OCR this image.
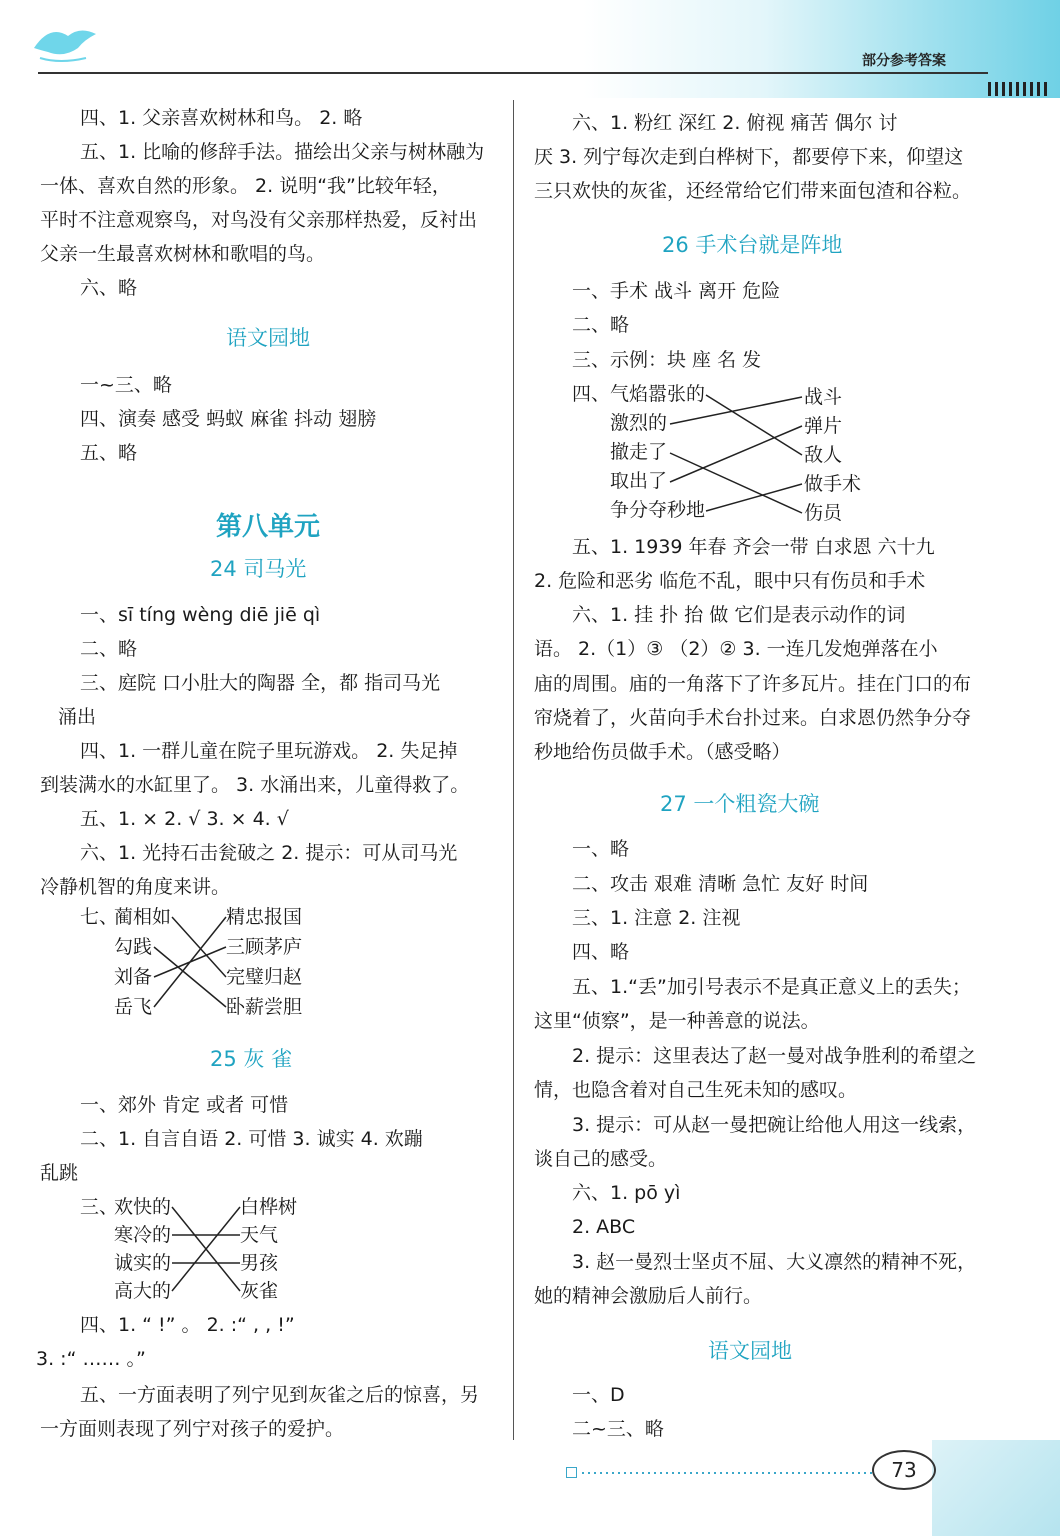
部分参考答案
四、1. 父亲喜欢树林和鸟。 2. 略
五、1. 比喻的修辞手法。描绘出父亲与树林融为
一体、喜欢自然的形象。 2. 说明“我”比较年轻，
平时不注意观察鸟，对鸟没有父亲那样热爱，反衬出
父亲一生最喜欢树林和歌唱的鸟。
六、略
语文园地
一~三、略
四、演奏 感受 蚂蚁 麻雀 抖动 翅膀
五、略
第八单元
24 司马光
一、sī tíng wèng diē jiē qì
二、略
三、庭院 口小肚大的陶器 全，都 指司马光
涌出
四、1. 一群儿童在院子里玩游戏。 2. 失足掉
到装满水的水缸里了。 3. 水涌出来，儿童得救了。
五、1. × 2. √ 3. × 4. √
六、1. 光持石击瓮破之 2. 提示：可从司马光
冷静机智的角度来讲。
七、
蔺相如
勾践
刘备
岳飞
精忠报国
三顾茅庐
完璧归赵
卧薪尝胆
25 灰 雀
一、郊外 肯定 或者 可惜
二、1. 自言自语 2. 可惜 3. 诚实 4. 欢蹦
乱跳
三、
欢快的
寒冷的
诚实的
高大的
白桦树
天气
男孩
灰雀
四、1. “ !” 。 2. :“ , , !”
3. :“ …… 。”
五、一方面表明了列宁见到灰雀之后的惊喜，另
一方面则表现了列宁对孩子的爱护。
六、1. 粉红 深红 2. 俯视 痛苦 偶尔 讨
厌 3. 列宁每次走到白桦树下，都要停下来，仰望这
三只欢快的灰雀，还经常给它们带来面包渣和谷粒。
26 手术台就是阵地
一、手术 战斗 离开 危险
二、略
三、示例：块 座 名 发
四、 气焰嚣张的
激烈的
撤走了
取出了
争分夺秒地
战斗
弹片
敌人
做手术
伤员
五、1. 1939 年春 齐会一带 白求恩 六十九
2. 危险和恶劣 临危不乱，眼中只有伤员和手术
六、1. 挂 扑 抬 做 它们是表示动作的词
语。 2.（1）③ （2）② 3. 一连几发炮弹落在小
庙的周围。庙的一角落下了许多瓦片。挂在门口的布
帘烧着了，火苗向手术台扑过来。白求恩仍然争分夺
秒地给伤员做手术。（感受略）
27 一个粗瓷大碗
一、略
二、攻击 艰难 清晰 急忙 友好 时间
三、1. 注意 2. 注视
四、略
五、1.“丢”加引号表示不是真正意义上的丢失；
这里“侦察”，是一种善意的说法。
2. 提示：这里表达了赵一曼对战争胜利的希望之
情，也隐含着对自己生死未知的感叹。
3. 提示：可从赵一曼把碗让给他人用这一线索，
谈自己的感受。
六、1. pō yì
2. ABC
3. 赵一曼烈士坚贞不屈、大义凛然的精神不死，
她的精神会激励后人前行。
语文园地
一、D
二~三、略
73
